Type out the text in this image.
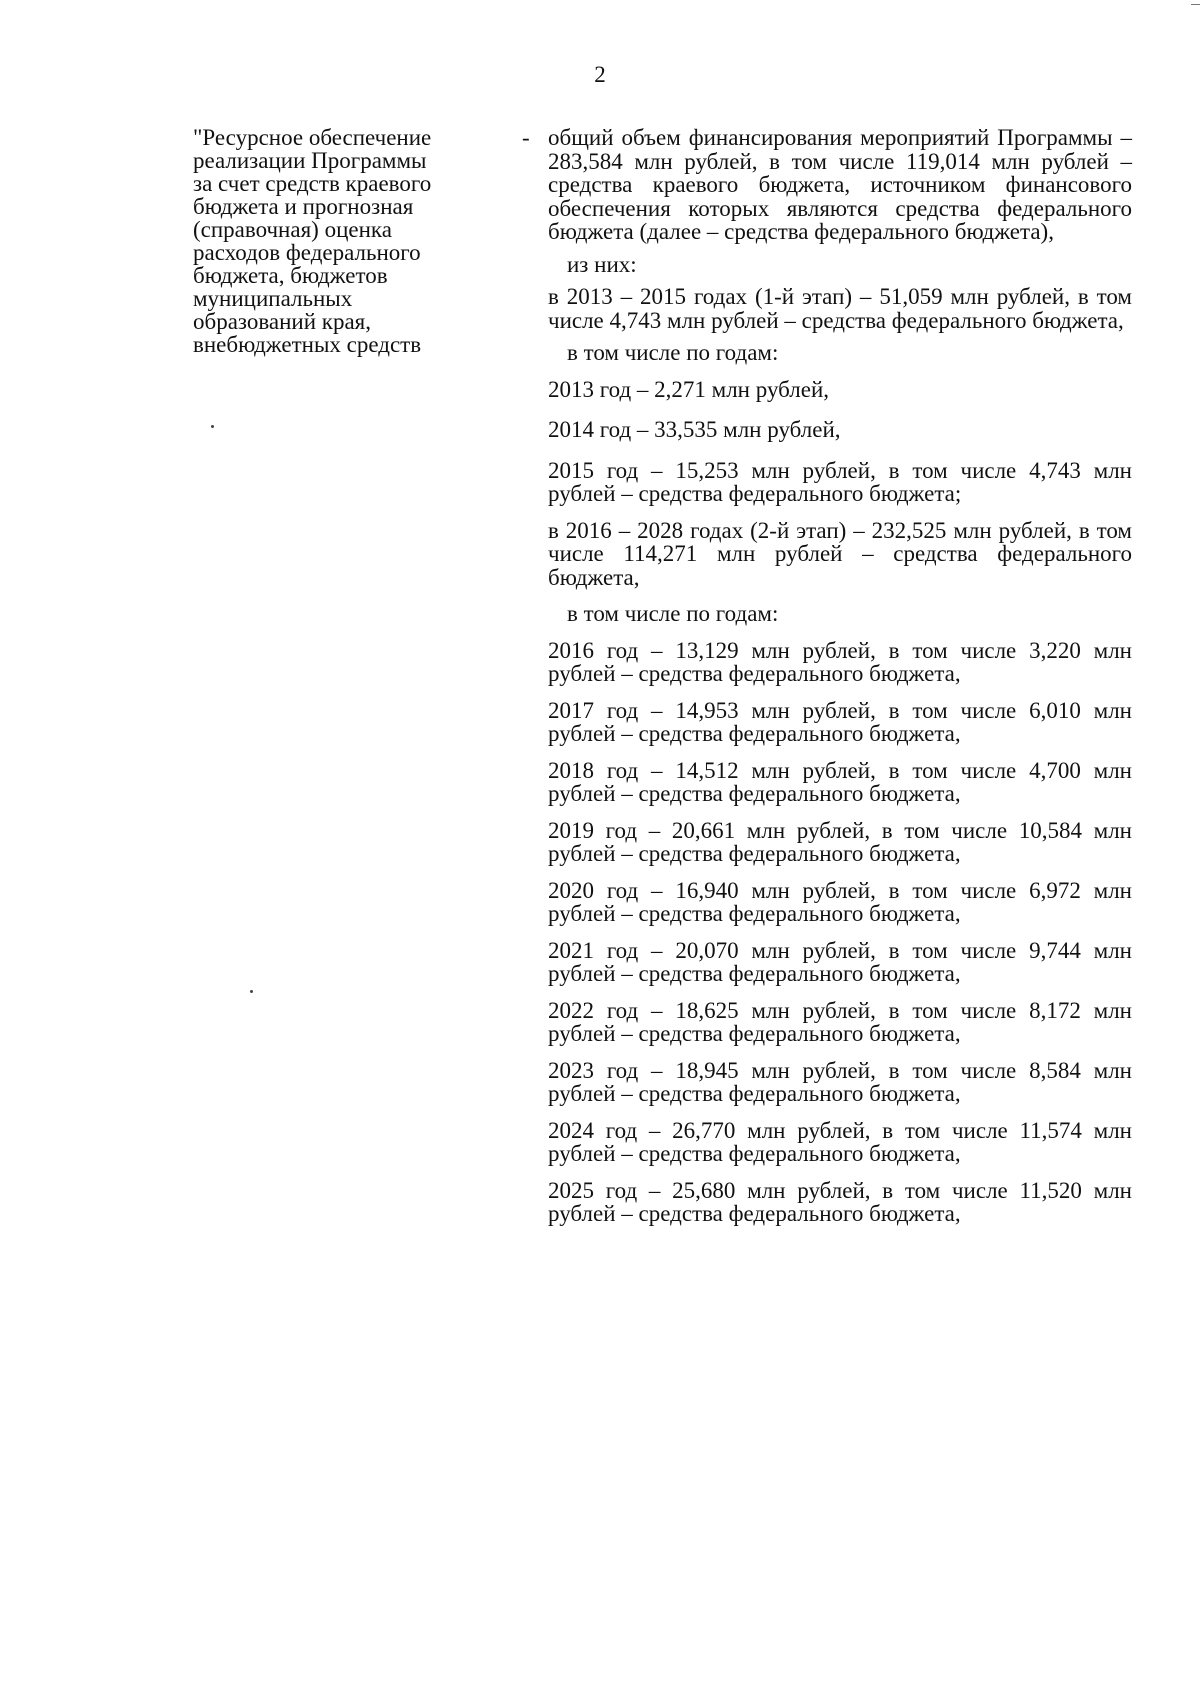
2
"Ресурсное обеспечение
реализации Программы
за счет средств краевого
бюджета и прогнозная
(справочная) оценка
расходов федерального
бюджета, бюджетов
муниципальных
образований края,
внебюджетных средств
- общий объем финансирования мероприятий Программы – 283,584 млн рублей, в том числе 119,014 млн рублей – средства краевого бюджета, источником финансового обеспечения которых являются средства федерального бюджета (далее – средства федерального бюджета),
из них:
в 2013 – 2015 годах (1-й этап) – 51,059 млн рублей, в том числе 4,743 млн рублей – средства федерального бюджета,
в том числе по годам:
2013 год – 2,271 млн рублей,
2014 год – 33,535 млн рублей,
2015 год – 15,253 млн рублей, в том числе 4,743 млн рублей – средства федерального бюджета;
в 2016 – 2028 годах (2-й этап) – 232,525 млн рублей, в том числе 114,271 млн рублей – средства федерального бюджета,
в том числе по годам:
2016 год – 13,129 млн рублей, в том числе 3,220 млн рублей – средства федерального бюджета,
2017 год – 14,953 млн рублей, в том числе 6,010 млн рублей – средства федерального бюджета,
2018 год – 14,512 млн рублей, в том числе 4,700 млн рублей – средства федерального бюджета,
2019 год – 20,661 млн рублей, в том числе 10,584 млн рублей – средства федерального бюджета,
2020 год – 16,940 млн рублей, в том числе 6,972 млн рублей – средства федерального бюджета,
2021 год – 20,070 млн рублей, в том числе 9,744 млн рублей – средства федерального бюджета,
2022 год – 18,625 млн рублей, в том числе 8,172 млн рублей – средства федерального бюджета,
2023 год – 18,945 млн рублей, в том числе 8,584 млн рублей – средства федерального бюджета,
2024 год – 26,770 млн рублей, в том числе 11,574 млн рублей – средства федерального бюджета,
2025 год – 25,680 млн рублей, в том числе 11,520 млн рублей – средства федерального бюджета,
